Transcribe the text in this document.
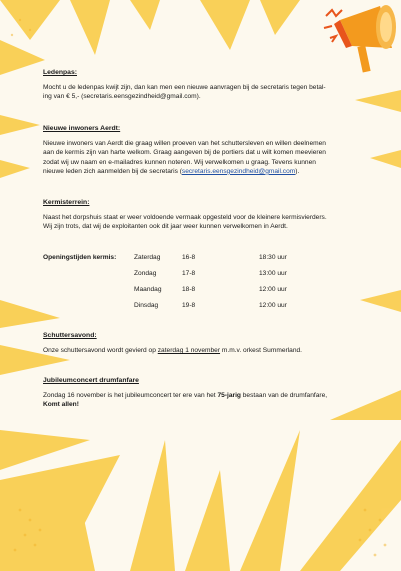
Ledenpas:

Mocht u de ledenpas kwijt zijn, dan kan men een nieuwe aanvragen bij de secretaris tegen betal-

ing van € 5,- (secretaris.eensgezindheid@gmail.com).

Nieuwe inwoners Aerdt:

Nieuwe inwoners van Aerdt die graag willen proeven van het schuttersleven en willen deelnemen

aan de kermis zijn van harte welkom. Graag aangeven bij de portiers dat u wilt komen meevieren

zodat wij uw naam en e-mailadres kunnen noteren. Wij verwelkomen u graag. Tevens kunnen

nieuwe leden zich aanmelden bij de secretaris (secretaris.eensgezindheid@gmail.com).

Kermisterrein:

Naast het dorpshuis staat er weer voldoende vermaak opgesteld voor de kleinere kermisvierders.

Wij zijn trots, dat wij de exploitanten ook dit jaar weer kunnen verwelkomen in Aerdt.

Openingstijden kermis:	Zaterdag	16-8	18:30 uur
Zondag	17-8	13:00 uur
Maandag	18-8	12:00 uur
Dinsdag	19-8	12:00 uur

Schuttersavond:

Onze schuttersavond wordt gevierd op zaterdag 1 november m.m.v. orkest Summerland.

Jubileumconcert drumfanfare

Zondag 16 november is het jubileumconcert ter ere van het 75-jarig bestaan van de drumfanfare,

Komt allen!
